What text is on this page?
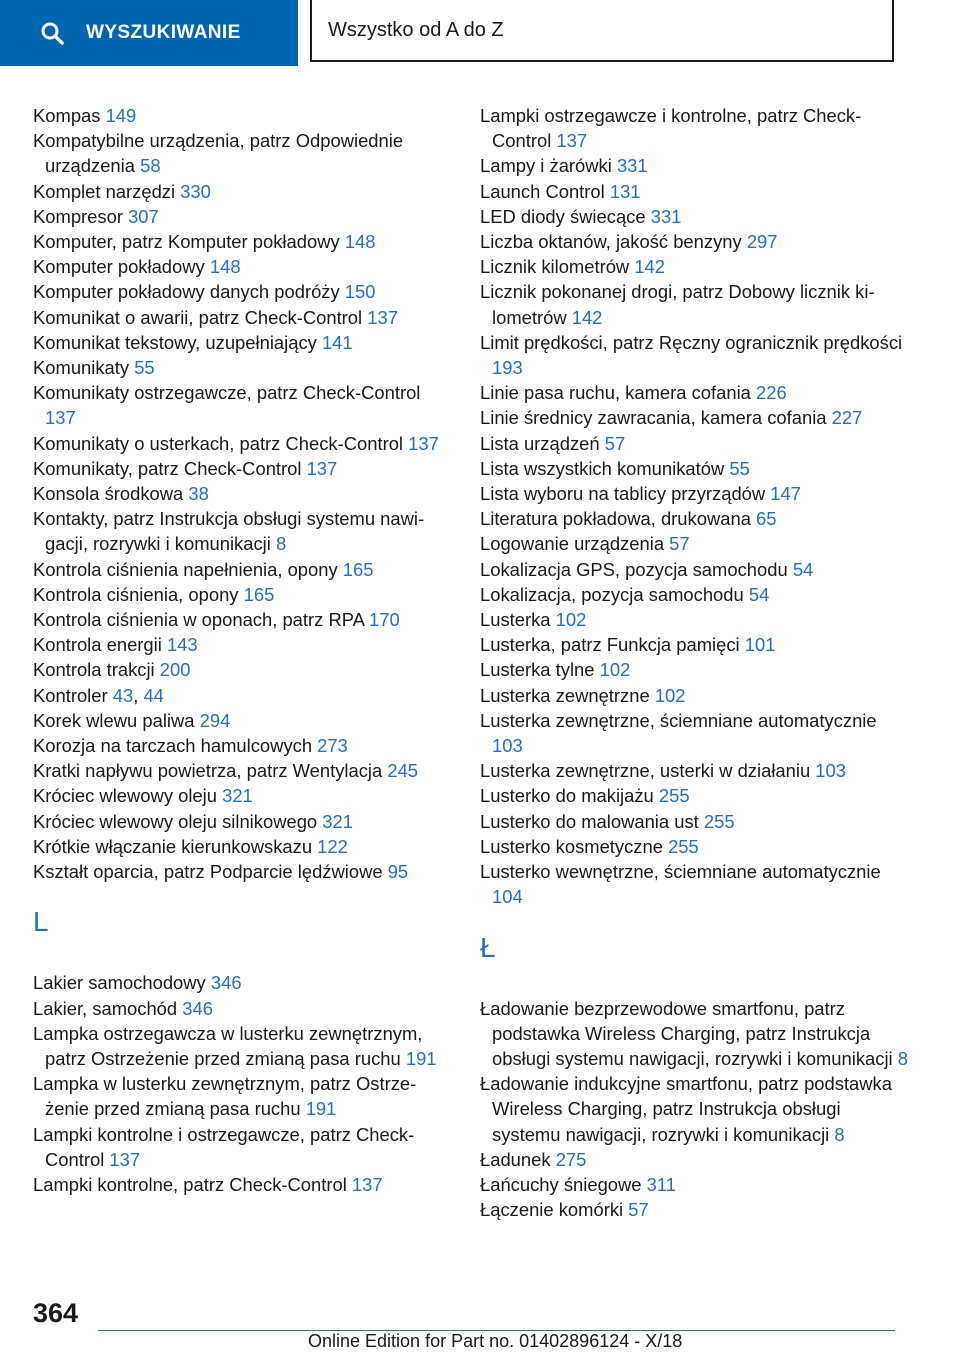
WYSZUKIWANIE	Wszystko od A do Z
Kompas 149
Kompatybilne urządzenia, patrz Odpowiednie urządzenia 58
Komplet narzędzi 330
Kompresor 307
Komputer, patrz Komputer pokładowy 148
Komputer pokładowy 148
Komputer pokładowy danych podróży 150
Komunikat o awarii, patrz Check-Control 137
Komunikat tekstowy, uzupełniający 141
Komunikaty 55
Komunikaty ostrzegawcze, patrz Check-Control 137
Komunikaty o usterkach, patrz Check-Control 137
Komunikaty, patrz Check-Control 137
Konsola środkowa 38
Kontakty, patrz Instrukcja obsługi systemu nawigacji, rozrywki i komunikacji 8
Kontrola ciśnienia napełnienia, opony 165
Kontrola ciśnienia, opony 165
Kontrola ciśnienia w oponach, patrz RPA 170
Kontrola energii 143
Kontrola trakcji 200
Kontroler 43, 44
Korek wlewu paliwa 294
Korozja na tarczach hamulcowych 273
Kratki napływu powietrza, patrz Wentylacja 245
Króciec wlewowy oleju 321
Króciec wlewowy oleju silnikowego 321
Krótkie włączanie kierunkowskazu 122
Kształt oparcia, patrz Podparcie lędźwiowe 95
L
Lakier samochodowy 346
Lakier, samochód 346
Lampka ostrzegawcza w lusterku zewnętrznym, patrz Ostrzeżenie przed zmianą pasa ruchu 191
Lampka w lusterku zewnętrznym, patrz Ostrzeżenie przed zmianą pasa ruchu 191
Lampki kontrolne i ostrzegawcze, patrz Check-Control 137
Lampki kontrolne, patrz Check-Control 137
Lampki ostrzegawcze i kontrolne, patrz Check-Control 137
Lampy i żarówki 331
Launch Control 131
LED diody świecące 331
Liczba oktanów, jakość benzyny 297
Licznik kilometrów 142
Licznik pokonanej drogi, patrz Dobowy licznik kilometrów 142
Limit prędkości, patrz Ręczny ogranicznik prędkości 193
Linie pasa ruchu, kamera cofania 226
Linie średnicy zawracania, kamera cofania 227
Lista urządzeń 57
Lista wszystkich komunikatów 55
Lista wyboru na tablicy przyrządów 147
Literatura pokładowa, drukowana 65
Logowanie urządzenia 57
Lokalizacja GPS, pozycja samochodu 54
Lokalizacja, pozycja samochodu 54
Lusterka 102
Lusterka, patrz Funkcja pamięci 101
Lusterka tylne 102
Lusterka zewnętrzne 102
Lusterka zewnętrzne, ściemniane automatycznie 103
Lusterka zewnętrzne, usterki w działaniu 103
Lusterko do makijażu 255
Lusterko do malowania ust 255
Lusterko kosmetyczne 255
Lusterko wewnętrzne, ściemniane automatycznie 104
Ł
Ładowanie bezprzewodowe smartfonu, patrz podstawka Wireless Charging, patrz Instrukcja obsługi systemu nawigacji, rozrywki i komunikacji 8
Ładowanie indukcyjne smartfonu, patrz podstawka Wireless Charging, patrz Instrukcja obsługi systemu nawigacji, rozrywki i komunikacji 8
Ładunek 275
Łańcuchy śniegowe 311
Łączenie komórki 57
364
Online Edition for Part no. 01402896124 - X/18
